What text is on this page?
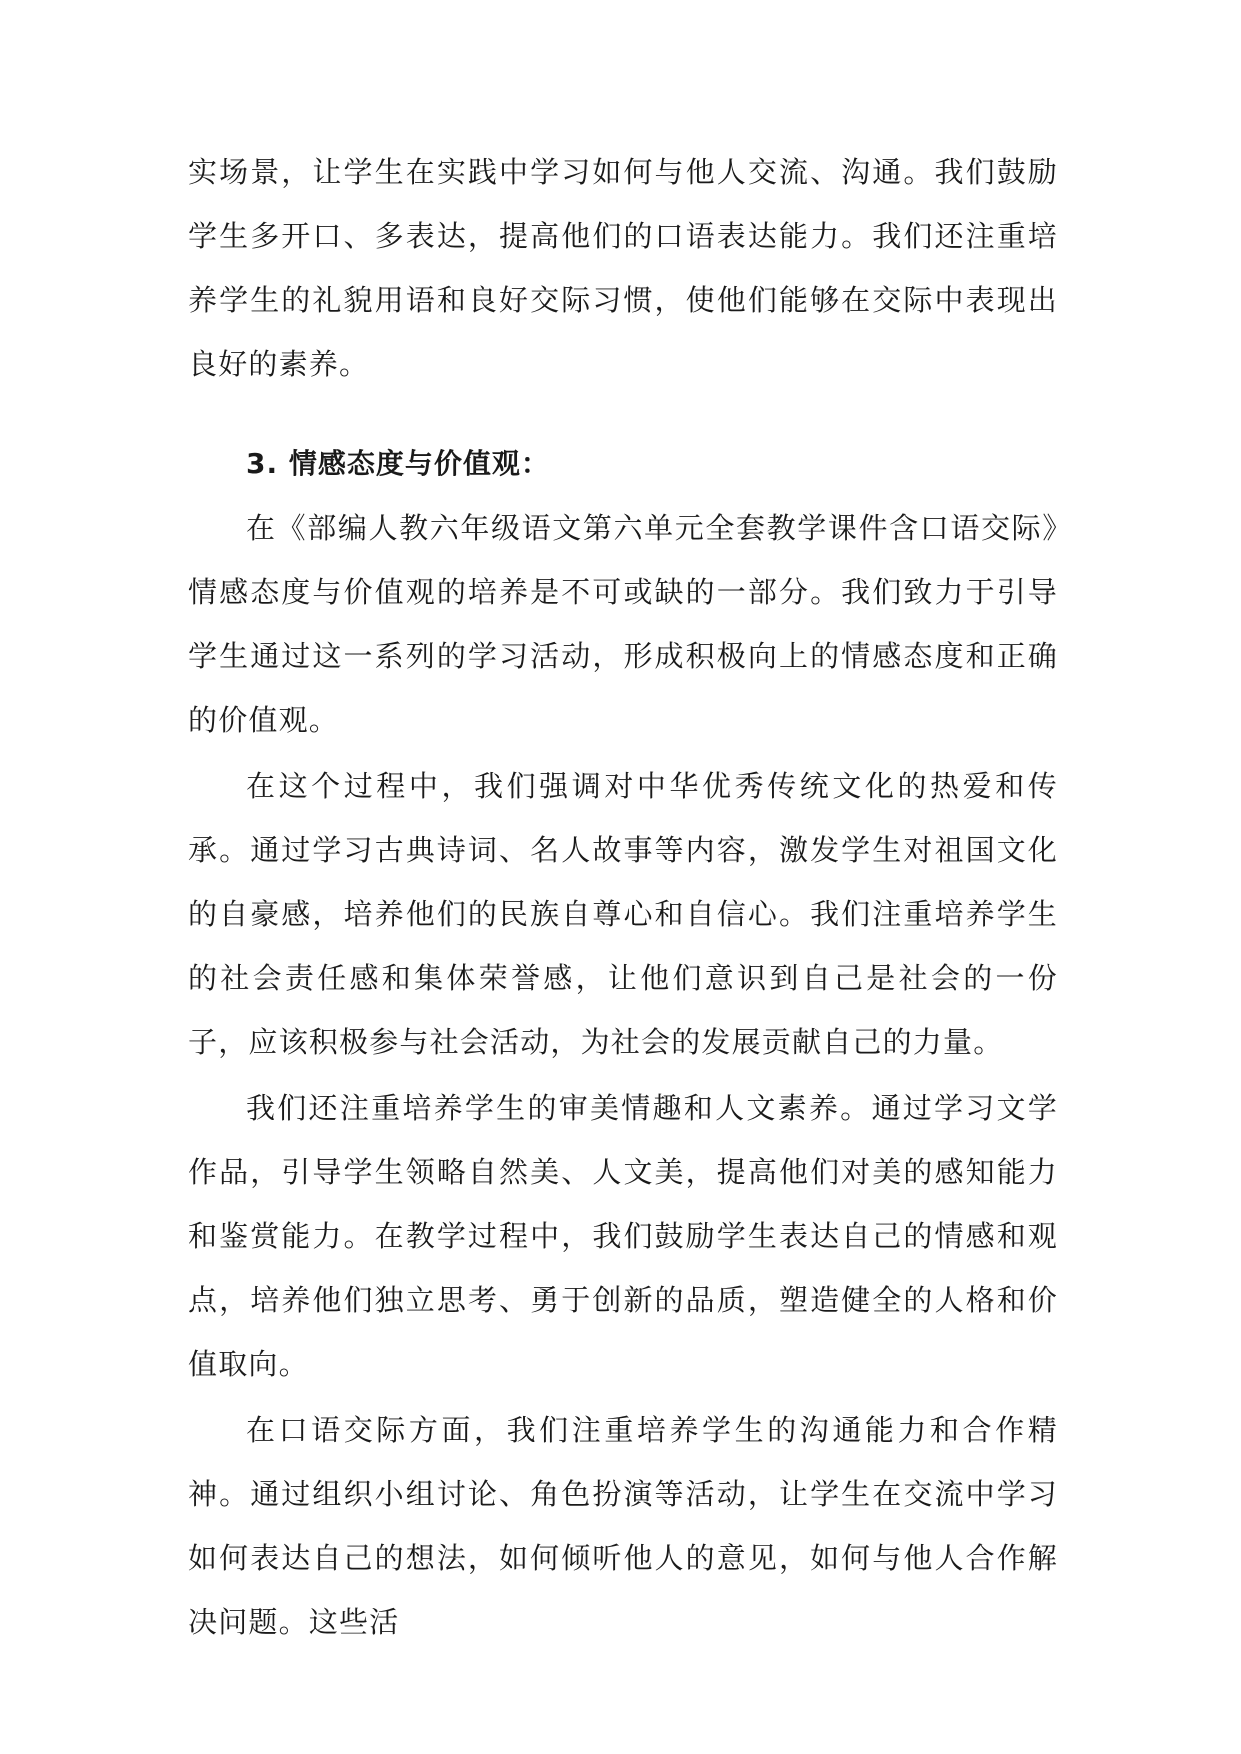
实场景，让学生在实践中学习如何与他人交流、沟通。我们鼓励学生多开口、多表达，提高他们的口语表达能力。我们还注重培养学生的礼貌用语和良好交际习惯，使他们能够在交际中表现出良好的素养。

3. 情感态度与价值观：

在《部编人教六年级语文第六单元全套教学课件含口语交际》情感态度与价值观的培养是不可或缺的一部分。我们致力于引导学生通过这一系列的学习活动，形成积极向上的情感态度和正确的价值观。

在这个过程中，我们强调对中华优秀传统文化的热爱和传承。通过学习古典诗词、名人故事等内容，激发学生对祖国文化的自豪感，培养他们的民族自尊心和自信心。我们注重培养学生的社会责任感和集体荣誉感，让他们意识到自己是社会的一份子，应该积极参与社会活动，为社会的发展贡献自己的力量。

我们还注重培养学生的审美情趣和人文素养。通过学习文学作品，引导学生领略自然美、人文美，提高他们对美的感知能力和鉴赏能力。在教学过程中，我们鼓励学生表达自己的情感和观点，培养他们独立思考、勇于创新的品质，塑造健全的人格和价值取向。

在口语交际方面，我们注重培养学生的沟通能力和合作精神。通过组织小组讨论、角色扮演等活动，让学生在交流中学习如何表达自己的想法，如何倾听他人的意见，如何与他人合作解决问题。这些活
